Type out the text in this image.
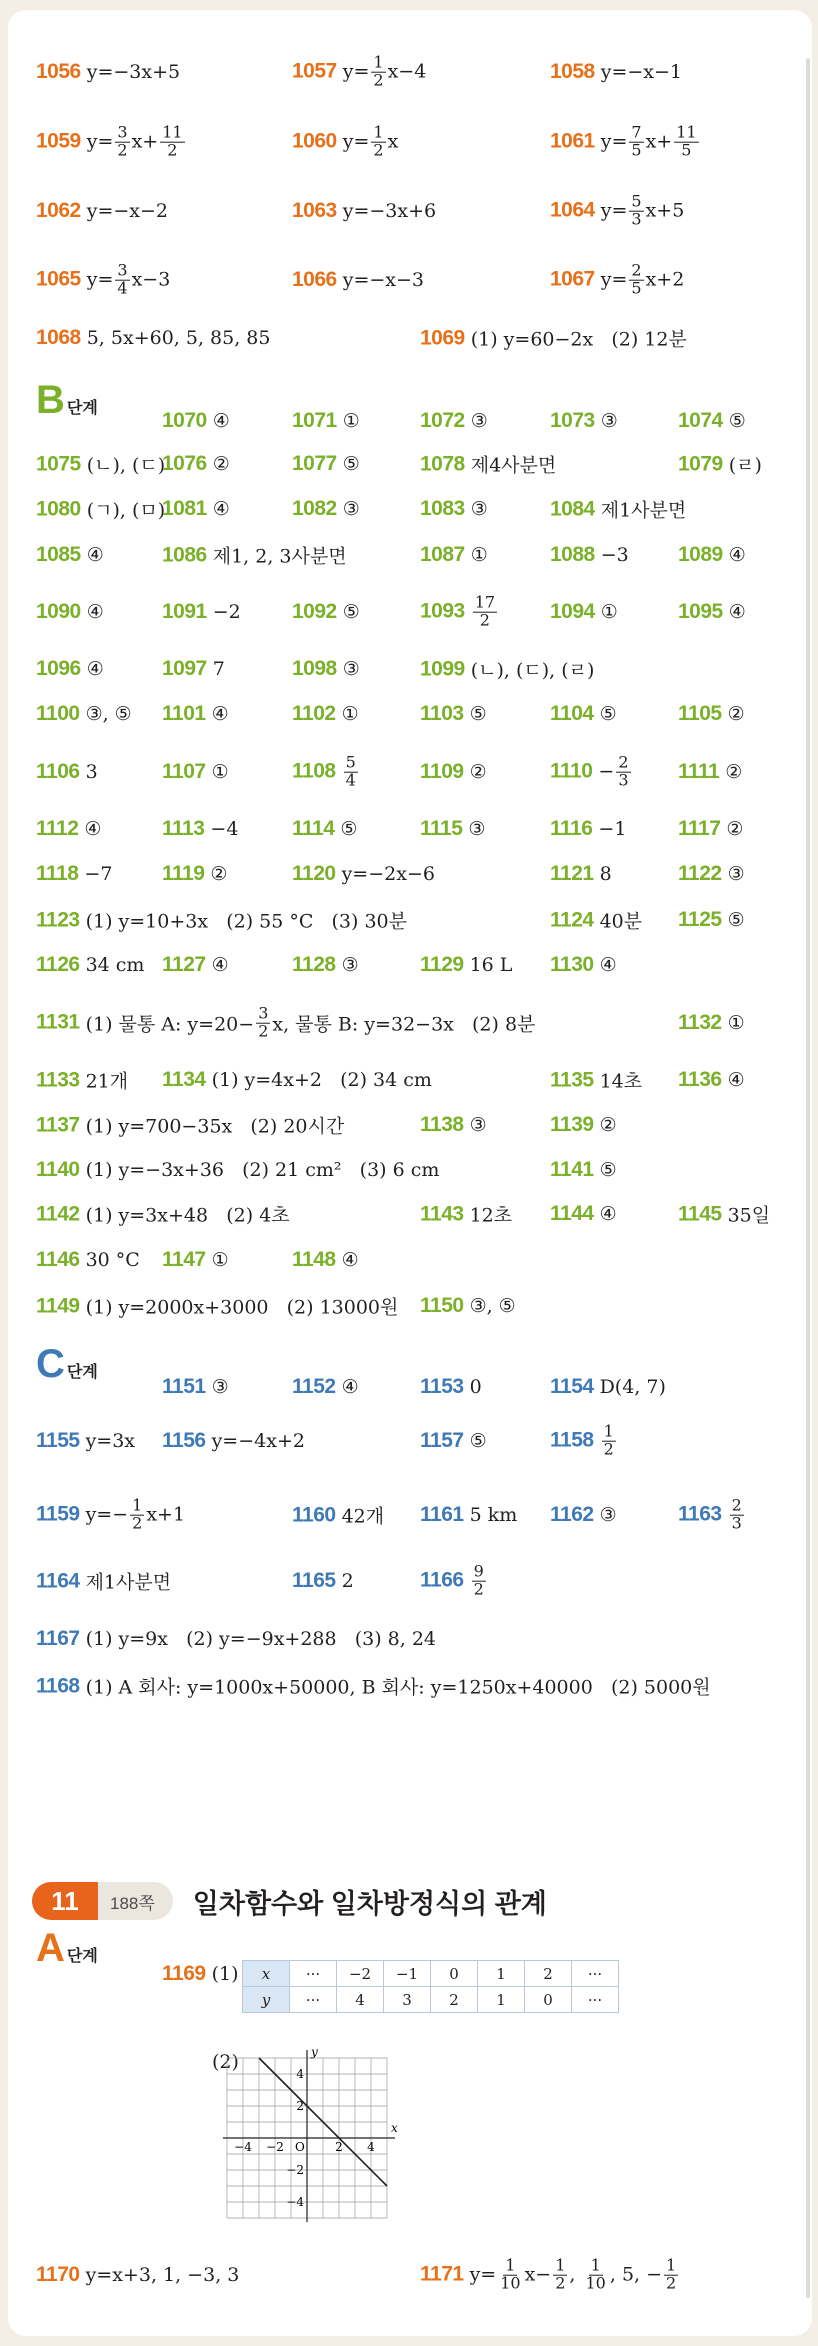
1056 y=−3x+5	1057 $y= \frac{1}{2} x-4$	1058 y=−x−1
1059 $y= \frac{3}{2} x+ \frac{11}{2}$	1060 $y= \frac{1}{2}$ x	1061 $y= \frac{7}{5} x+ \frac{11}{5}$
1062 y=−x−2	1063 y=−3x+6	1064 $y= \frac{5}{3} x+5$
1065 $y= \frac{3}{4} x-3$	1066 y=−x−3	1067 $y= \frac{2}{5} x+2$
1068 5, 5x+60, 5, 85, 85	1069 (1) y=60−2x   (2) 12분
1070 ④	1071 ①	1072 ③	1073 ③	1074 ⑤
1075 (ㄴ), (ㄷ)
1076 ②	1077 ⑤	1078 제4사분면	1079 (ㄹ)
1080 (ㄱ), (ㅁ)
1081 ④	1082 ③	1083 ③	1084 제1사분면
1085 ④	1086 제1, 2, 3사분면	1087 ①	1088 −3 1089 ④
1090 ④	1091 −2 1092 ⑤	$1093 \frac{17}{2}$	1094 ①	1095 ④
1096 ④	1097 7	1098 ③	1099 (ㄴ), (ㄷ), (ㄹ)
1100 ③, ⑤ 1101 ④	1102 ①	1103 ⑤	1104 ⑤	1105 ②
1106 3	1107 ①	$1108 \frac{5}{4}$	1109 ②	$1110 - \frac{2}{3} 1111$ ②
1112 ④	1113 −4	1114 ⑤	1115 ③	1116 −1 1117 ②
1118 −7 1119 ②	1120 y=−2x−6	1121 8	1122 ③
1123 (1) y=10+3x   (2) 55 °C   (3) 30분	1124 40분 1125 ⑤
1126 34 cm 1127 ④	1128 ③	1129 16 L 1130 ④
1131 (1) 물통 A: $y=20- \frac{3}{2} x$, 물통 B: y=32−3x   (2) 8분	1132 ①
1133 21개 1134 (1) y=4x+2   (2) 34 cm	1135 14초 1136 ④
1137 (1) y=700−35x   (2) 20시간	1138 ③	1139 ②
1140 (1) y=−3x+36   (2) 21 cm²   (3) 6 cm	1141 ⑤
1142 (1) y=3x+48   (2) 4초	1143 12초 1144 ④	1145 35일
1146 30 °C 1147 ①	1148 ④
1149 (1) y=2000x+3000   (2) 13000원 1150 ③, ⑤
1151 ③	1152 ④	1153 0	1154 D(4, 7)
1155 y=3x 1156 y=−4x+2	1157 ⑤	$1158 \frac{1}{2}$
1159 $y=- \frac{1}{2} x+1$	1160 42개 1161 5 km 1162 ③	$1163 \frac{2}{3}$
1164 제1사분면	1165 2	$1166 \frac{9}{2}$
1167 (1) y=9x   (2) y=−9x+288   (3) 8, 24
1168 (1) A 회사: y=1000x+50000, B 회사: y=1250x+40000   (2) 5000원
1170 y=x+3, 1, −3, 3	1171 $y= \frac{1}{10} x- \frac{1}{2}$ , $\frac{1}{10}$ , 5, − $\frac{1}{2}$
B 단계
C 단계
A 단계
11	188쪽	일차함수와 일차방정식의 관계
1169 (1) x	···	−2	−1	0	1	2	···
y	···	4	3	2	1	0	···
(2)
x
y
O
−4 −2	2 4
4
2
−2
−4
